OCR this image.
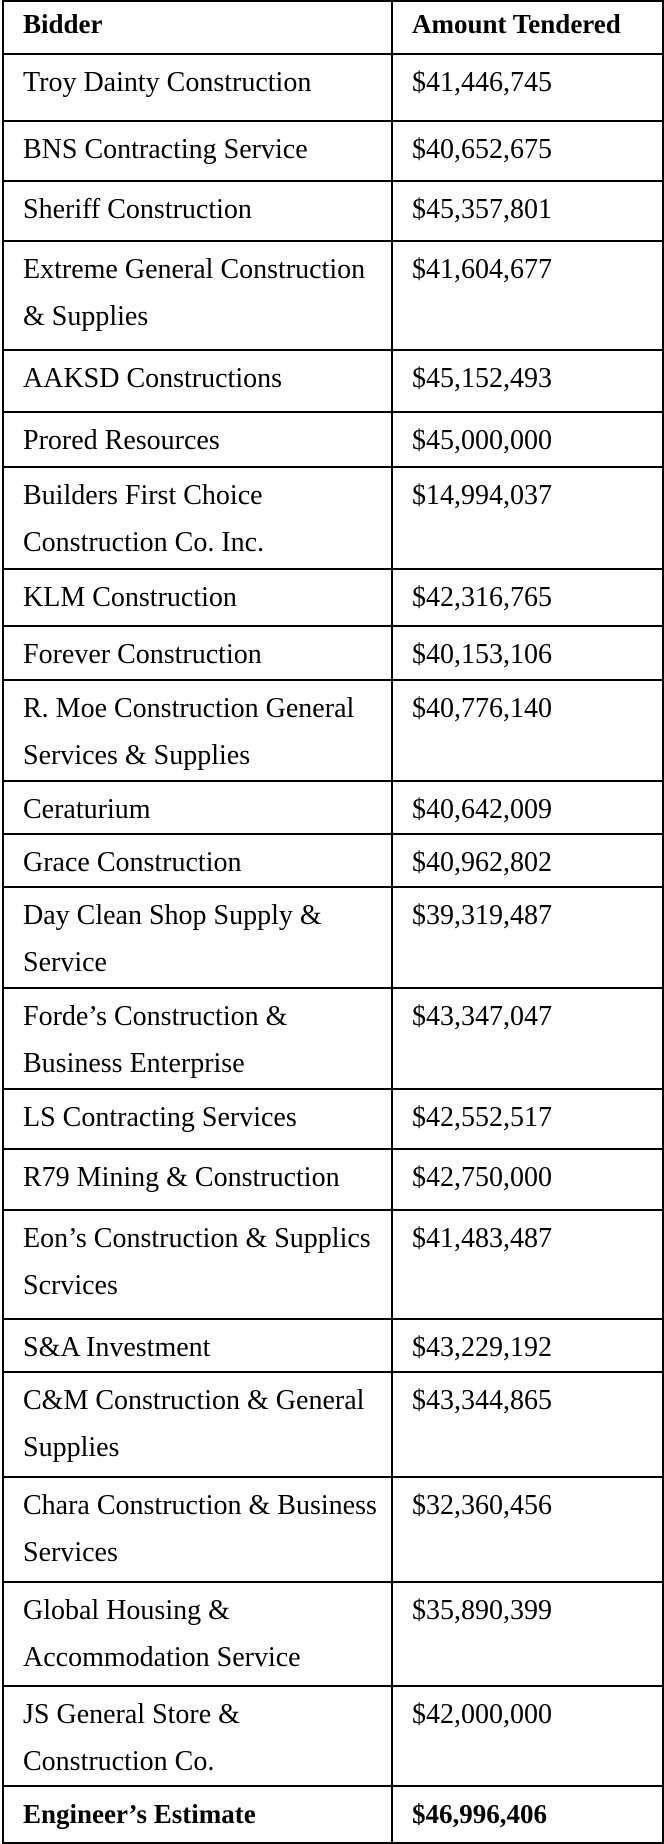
Bidder	Amount Tendered
Troy Dainty Construction	$41,446,745
BNS Contracting Service	$40,652,675
Sheriff Construction	$45,357,801
Extreme General Construction & Supplies	$41,604,677
AAKSD Constructions	$45,152,493
Prored Resources	$45,000,000
Builders First Choice Construction Co. Inc.	$14,994,037
KLM Construction	$42,316,765
Forever Construction	$40,153,106
R. Moe Construction General Services & Supplies	$40,776,140
Ceraturium	$40,642,009
Grace Construction	$40,962,802
Day Clean Shop Supply & Service	$39,319,487
Forde’s Construction & Business Enterprise	$43,347,047
LS Contracting Services	$42,552,517
R79 Mining & Construction	$42,750,000
Eon’s Construction & Supplics Scrvices	$41,483,487
S&A Investment	$43,229,192
C&M Construction & General Supplies	$43,344,865
Chara Construction & Business Services	$32,360,456
Global Housing & Accommodation Service	$35,890,399
JS General Store & Construction Co.	$42,000,000
Engineer’s Estimate	$46,996,406
